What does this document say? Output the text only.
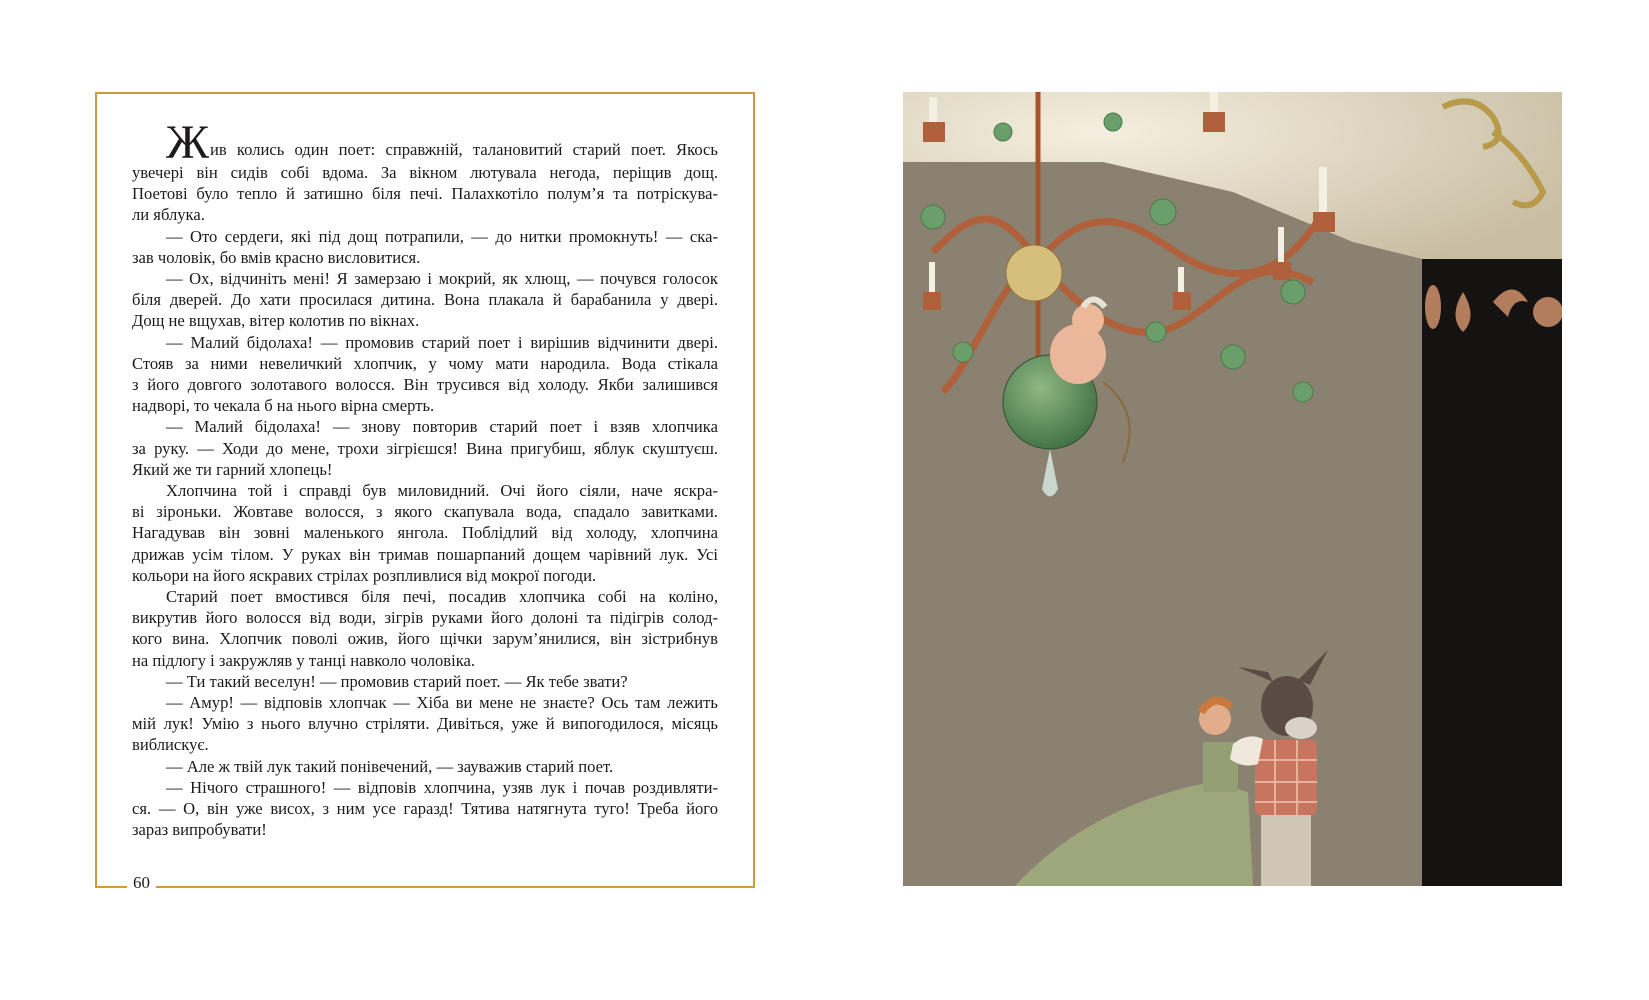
Жив колись один поет: справжній, талановитий старий поет. Якось
увечері він сидів собі вдома. За вікном лютувала негода, періщив дощ.
Поетові було тепло й затишно біля печі. Палахкотіло полум’я та потріскува-
ли яблука.
— Ото сердеги, які під дощ потрапили, — до нитки промокнуть! — ска-
зав чоловік, бо вмів красно висловитися.
— Ох, відчиніть мені! Я замерзаю і мокрий, як хлющ, — почувся голосок
біля дверей. До хати просилася дитина. Вона плакала й барабанила у двері.
Дощ не вщухав, вітер колотив по вікнах.
— Малий бідолаха! — промовив старий поет і вирішив відчинити двері.
Стояв за ними невеличкий хлопчик, у чому мати народила. Вода стікала
з його довгого золотавого волосся. Він трусився від холоду. Якби залишився
надворі, то чекала б на нього вірна смерть.
— Малий бідолаха! — знову повторив старий поет і взяв хлопчика
за руку. — Ходи до мене, трохи зігрієшся! Вина пригубиш, яблук скуштуєш.
Який же ти гарний хлопець!
Хлопчина той і справді був миловидний. Очі його сіяли, наче яскра-
ві зіроньки. Жовтаве волосся, з якого скапувала вода, спадало завитками.
Нагадував він зовні маленького янгола. Поблідлий від холоду, хлопчина
дрижав усім тілом. У руках він тримав пошарпаний дощем чарівний лук. Усі
кольори на його яскравих стрілах розпливлися від мокрої погоди.
Старий поет вмостився біля печі, посадив хлопчика собі на коліно,
викрутив його волосся від води, зігрів руками його долоні та підігрів солод-
кого вина. Хлопчик поволі ожив, його щічки зарум’янилися, він зістрибнув
на підлогу і закружляв у танці навколо чоловіка.
— Ти такий веселун! — промовив старий поет. — Як тебе звати?
— Амур! — відповів хлопчак — Хіба ви мене не знаєте? Ось там лежить
мій лук! Умію з нього влучно стріляти. Дивіться, уже й випогодилося, місяць
виблискує.
— Але ж твій лук такий понівечений, — зауважив старий поет.
— Нічого страшного! — відповів хлопчина, узяв лук і почав роздивляти-
ся. — О, він уже висох, з ним усе гаразд! Тятива натягнута туго! Треба його
зараз випробувати!
60
